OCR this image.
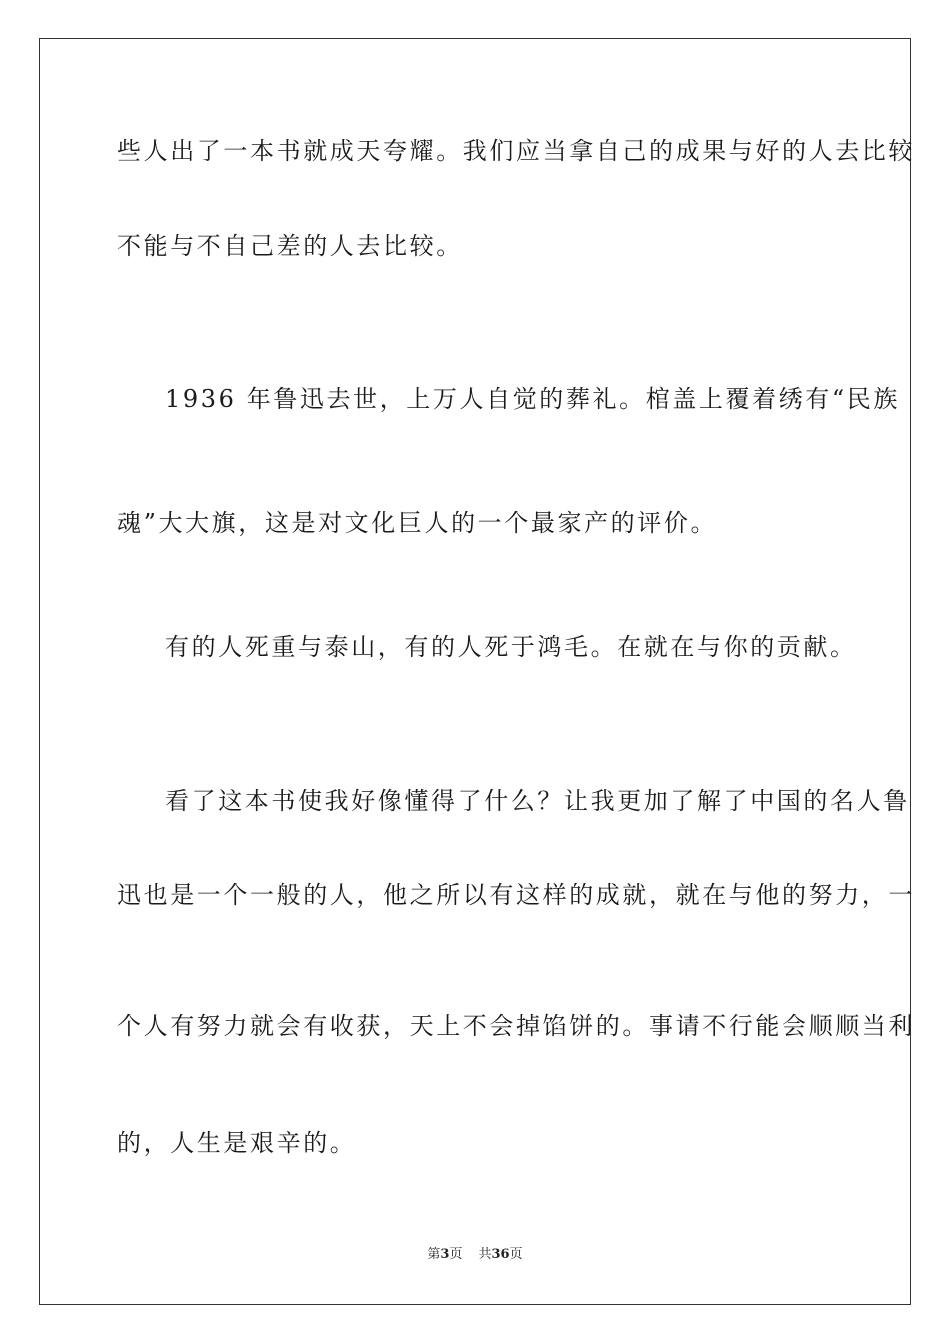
些人出了一本书就成天夸耀。我们应当拿自己的成果与好的人去比较
不能与不自己差的人去比较。
1936 年鲁迅去世，上万人自觉的葬礼。棺盖上覆着绣有“民族
魂”大大旗，这是对文化巨人的一个最家产的评价。
有的人死重与泰山，有的人死于鸿毛。在就在与你的贡献。
看了这本书使我好像懂得了什么？让我更加了解了中国的名人鲁
迅也是一个一般的人，他之所以有这样的成就，就在与他的努力，一
个人有努力就会有收获，天上不会掉馅饼的。事请不行能会顺顺当利
的，人生是艰辛的。
第3页 共36页
